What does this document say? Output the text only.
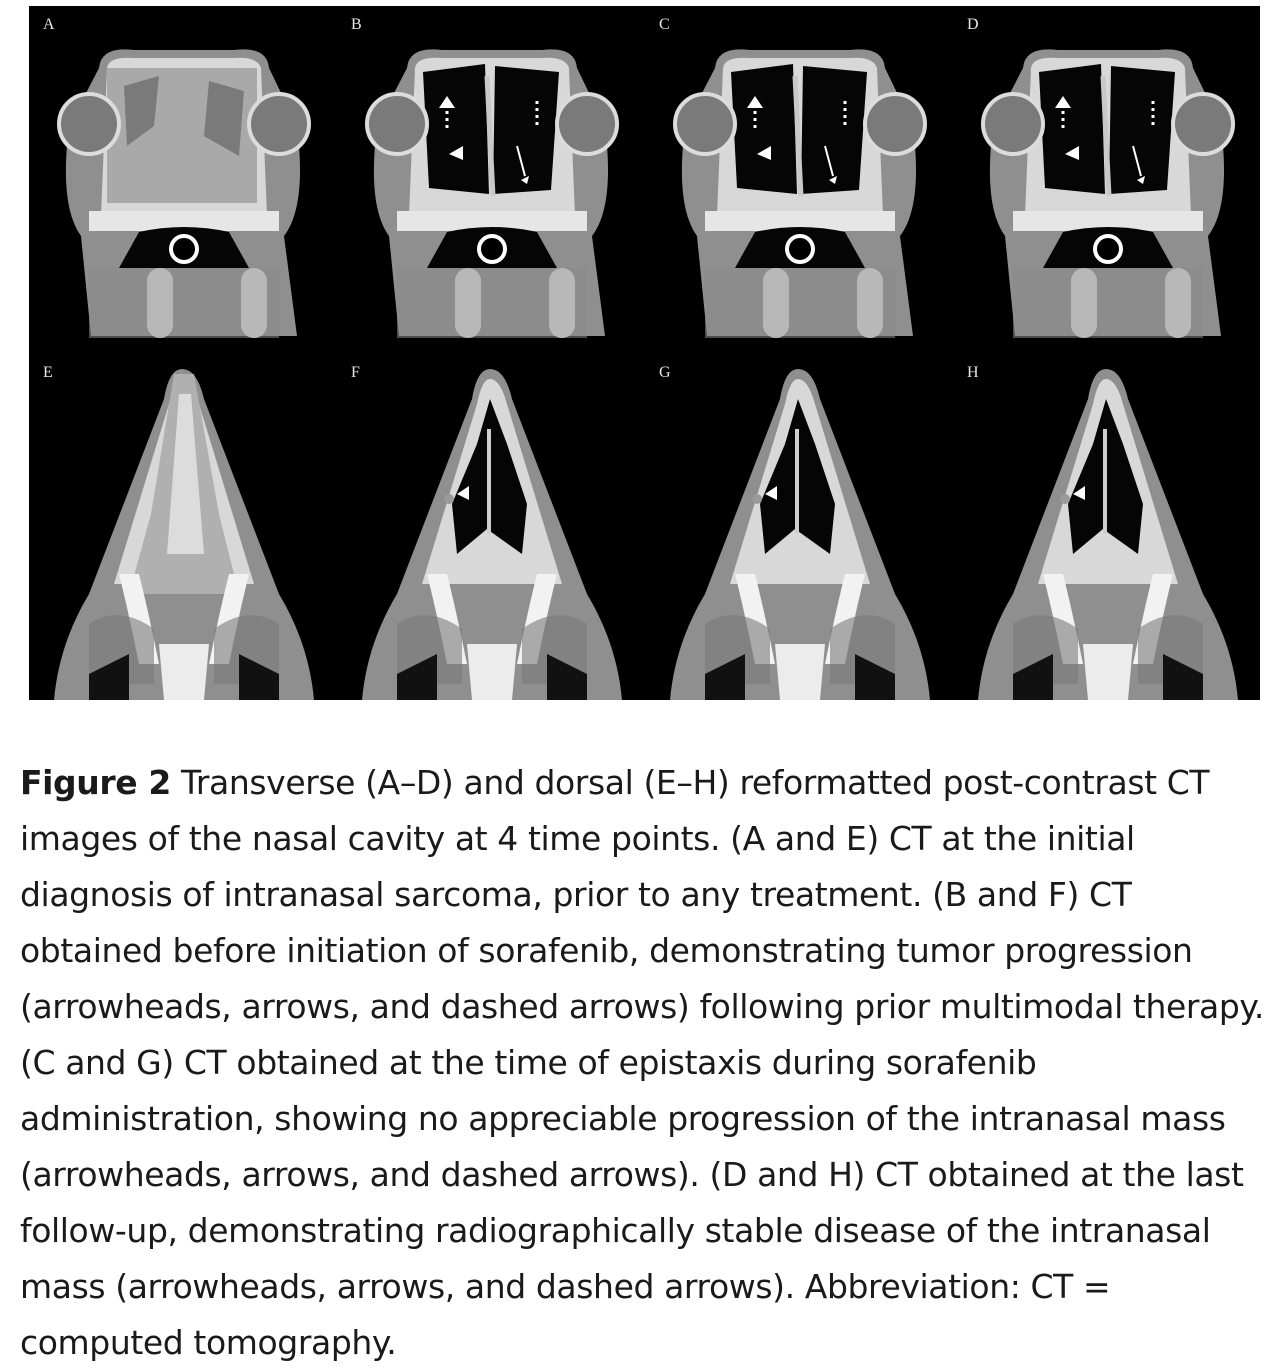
A	B	C	D
E	F	G	H

Figure 2 Transverse (A–D) and dorsal (E–H) reformatted post-contrast CT images of the nasal cavity at 4 time points. (A and E) CT at the initial diagnosis of intranasal sarcoma, prior to any treatment. (B and F) CT obtained before initiation of sorafenib, demonstrating tumor progression (arrowheads, arrows, and dashed arrows) following prior multimodal therapy. (C and G) CT obtained at the time of epistaxis during sorafenib administration, showing no appreciable progression of the intranasal mass (arrowheads, arrows, and dashed arrows). (D and H) CT obtained at the last follow-up, demonstrating radiographically stable disease of the intranasal mass (arrowheads, arrows, and dashed arrows). Abbreviation: CT = computed tomography.
